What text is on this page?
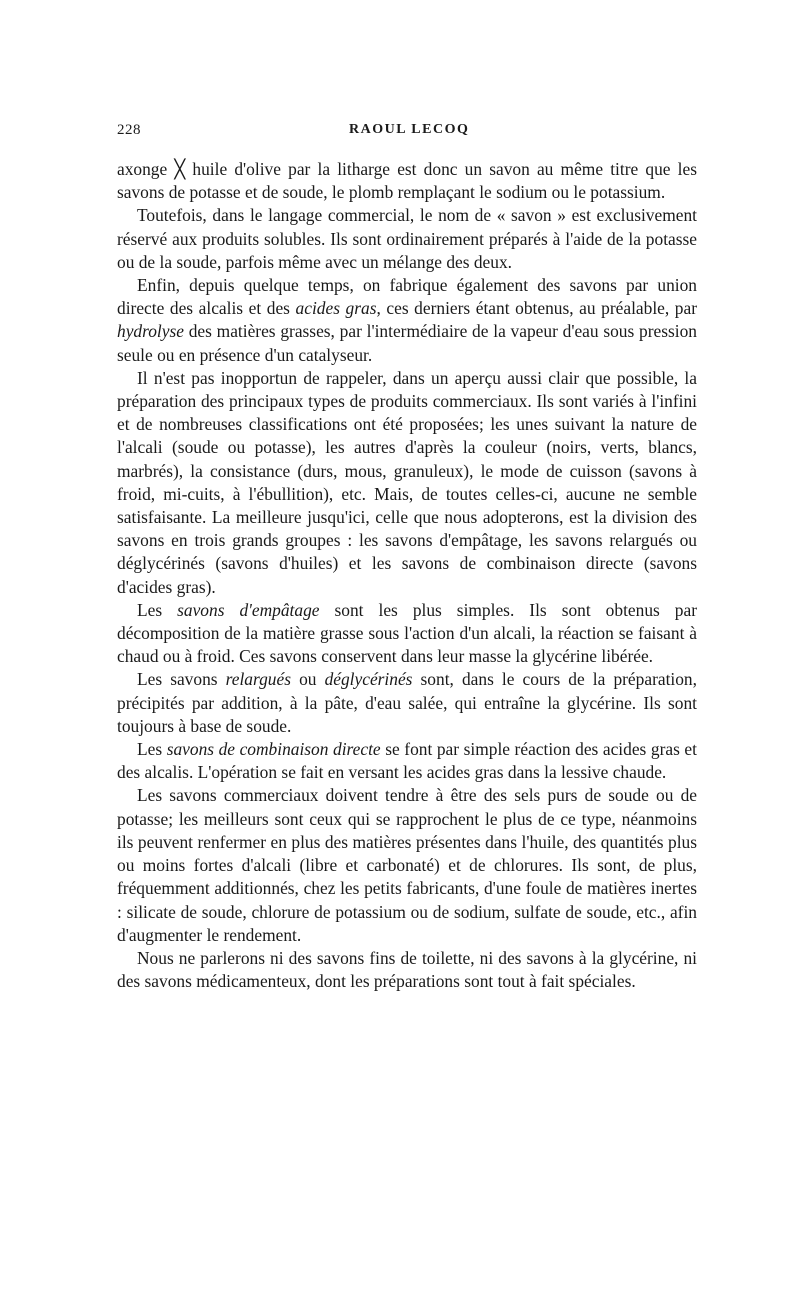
228	RAOUL LECOQ

axonge ╳ huile d'olive par la litharge est donc un savon au même titre que les savons de potasse et de soude, le plomb remplaçant le sodium ou le potassium.

Toutefois, dans le langage commercial, le nom de « savon » est exclusivement réservé aux produits solubles. Ils sont ordinairement préparés à l'aide de la potasse ou de la soude, parfois même avec un mélange des deux.

Enfin, depuis quelque temps, on fabrique également des savons par union directe des alcalis et des acides gras, ces derniers étant obtenus, au préalable, par hydrolyse des matières grasses, par l'intermédiaire de la vapeur d'eau sous pression seule ou en présence d'un catalyseur.

Il n'est pas inopportun de rappeler, dans un aperçu aussi clair que possible, la préparation des principaux types de produits commerciaux. Ils sont variés à l'infini et de nombreuses classifications ont été proposées; les unes suivant la nature de l'alcali (soude ou potasse), les autres d'après la couleur (noirs, verts, blancs, marbrés), la consistance (durs, mous, granuleux), le mode de cuisson (savons à froid, mi-cuits, à l'ébullition), etc. Mais, de toutes celles-ci, aucune ne semble satisfaisante. La meilleure jusqu'ici, celle que nous adopterons, est la division des savons en trois grands groupes : les savons d'empâtage, les savons relargués ou déglycérinés (savons d'huiles) et les savons de combinaison directe (savons d'acides gras).

Les savons d'empâtage sont les plus simples. Ils sont obtenus par décomposition de la matière grasse sous l'action d'un alcali, la réaction se faisant à chaud ou à froid. Ces savons conservent dans leur masse la glycérine libérée.

Les savons relargués ou déglycérinés sont, dans le cours de la préparation, précipités par addition, à la pâte, d'eau salée, qui entraîne la glycérine. Ils sont toujours à base de soude.

Les savons de combinaison directe se font par simple réaction des acides gras et des alcalis. L'opération se fait en versant les acides gras dans la lessive chaude.

Les savons commerciaux doivent tendre à être des sels purs de soude ou de potasse; les meilleurs sont ceux qui se rapprochent le plus de ce type, néanmoins ils peuvent renfermer en plus des matières présentes dans l'huile, des quantités plus ou moins fortes d'alcali (libre et carbonaté) et de chlorures. Ils sont, de plus, fréquemment additionnés, chez les petits fabricants, d'une foule de matières inertes : silicate de soude, chlorure de potassium ou de sodium, sulfate de soude, etc., afin d'augmenter le rendement.

Nous ne parlerons ni des savons fins de toilette, ni des savons à la glycérine, ni des savons médicamenteux, dont les préparations sont tout à fait spéciales.
